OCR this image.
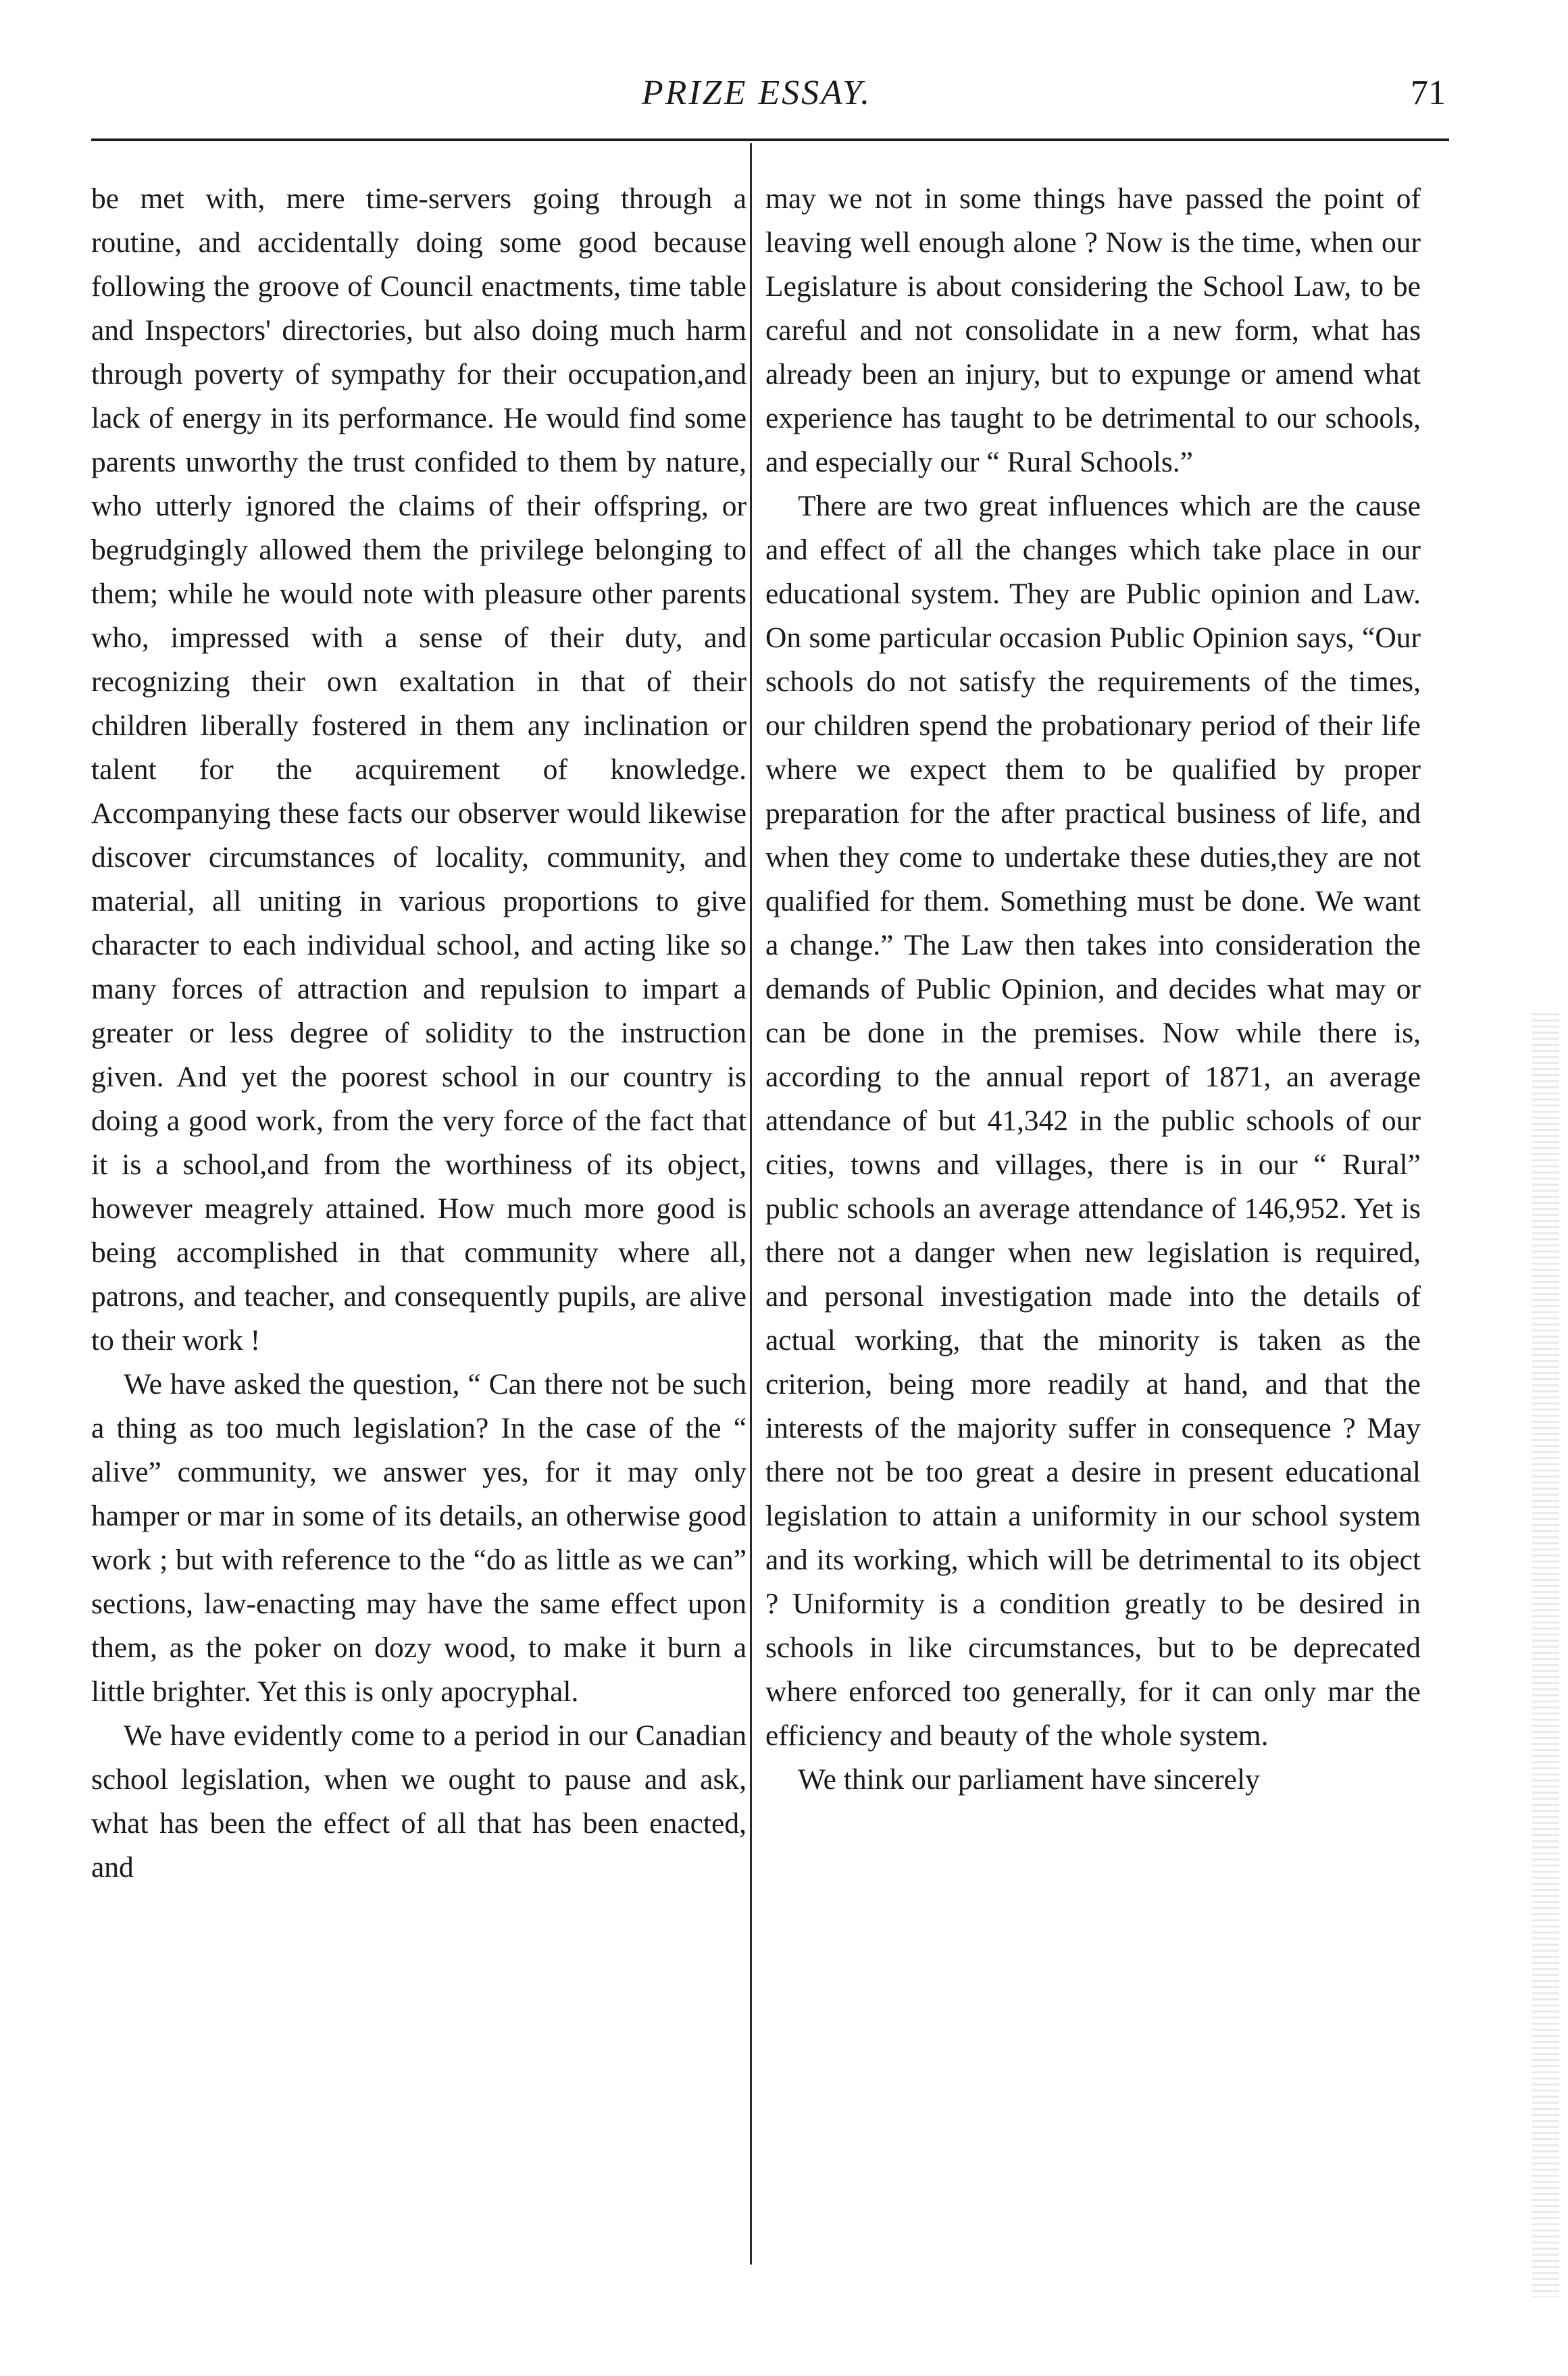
PRIZE ESSAY.	71

be met with, mere time-servers going through a routine, and accidentally doing some good because following the groove of Council enactments, time table and Inspectors' directories, but also doing much harm through poverty of sympathy for their occupation,and lack of energy in its performance. He would find some parents unworthy the trust confided to them by nature, who utterly ignored the claims of their offspring, or begrudgingly allowed them the privilege belonging to them; while he would note with pleasure other parents who, impressed with a sense of their duty, and recognizing their own exaltation in that of their children liberally fostered in them any inclination or talent for the acquirement of knowledge. Accompanying these facts our observer would likewise discover circumstances of locality, community, and material, all uniting in various proportions to give character to each individual school, and acting like so many forces of attraction and repulsion to impart a greater or less degree of solidity to the instruction given. And yet the poorest school in our country is doing a good work, from the very force of the fact that it is a school,and from the worthiness of its object, however meagrely attained. How much more good is being accomplished in that community where all, patrons, and teacher, and consequently pupils, are alive to their work !

We have asked the question, “ Can there not be such a thing as too much legislation? In the case of the “ alive” community, we answer yes, for it may only hamper or mar in some of its details, an otherwise good work ; but with reference to the “do as little as we can” sections, law-enacting may have the same effect upon them, as the poker on dozy wood, to make it burn a little brighter. Yet this is only apocryphal.

We have evidently come to a period in our Canadian school legislation, when we ought to pause and ask, what has been the effect of all that has been enacted, and

may we not in some things have passed the point of leaving well enough alone ? Now is the time, when our Legislature is about considering the School Law, to be careful and not consolidate in a new form, what has already been an injury, but to expunge or amend what experience has taught to be detrimental to our schools, and especially our “ Rural Schools.”

There are two great influences which are the cause and effect of all the changes which take place in our educational system. They are Public opinion and Law. On some particular occasion Public Opinion says, “Our schools do not satisfy the requirements of the times, our children spend the probationary period of their life where we expect them to be qualified by proper preparation for the after practical business of life, and when they come to undertake these duties,they are not qualified for them. Something must be done. We want a change.” The Law then takes into consideration the demands of Public Opinion, and decides what may or can be done in the premises. Now while there is, according to the annual report of 1871, an average attendance of but 41,342 in the public schools of our cities, towns and villages, there is in our “ Rural” public schools an average attendance of 146,952. Yet is there not a danger when new legislation is required, and personal investigation made into the details of actual working, that the minority is taken as the criterion, being more readily at hand, and that the interests of the majority suffer in consequence ? May there not be too great a desire in present educational legislation to attain a uniformity in our school system and its working, which will be detrimental to its object ? Uniformity is a condition greatly to be desired in schools in like circumstances, but to be deprecated where enforced too generally, for it can only mar the efficiency and beauty of the whole system.

We think our parliament have sincerely
